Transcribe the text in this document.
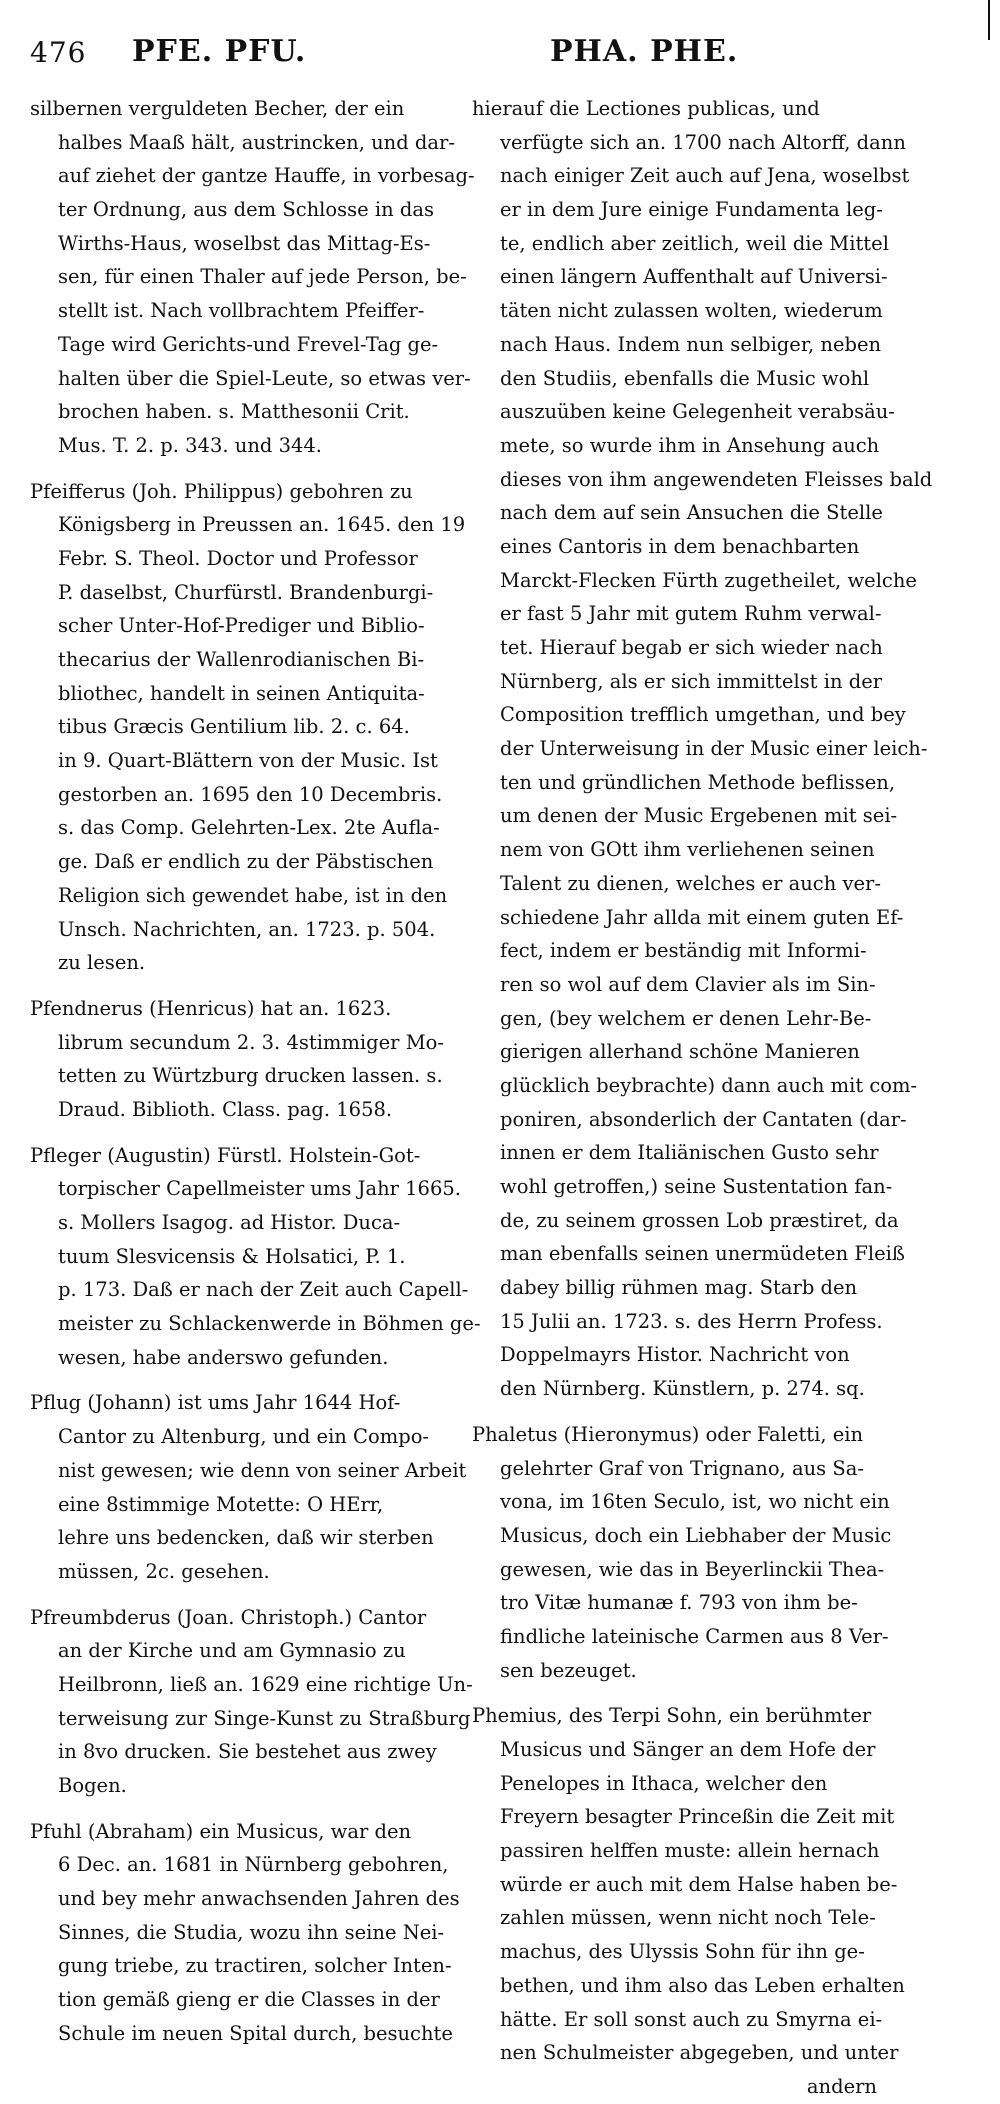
476 PFE. PFU.	PHA. PHE.
silbernen verguldeten Becher, der ein
halbes Maaß hält, austrincken, und dar-
auf ziehet der gantze Hauffe, in vorbesag-
ter Ordnung, aus dem Schlosse in das
Wirths-Haus, woselbst das Mittag-Es-
sen, für einen Thaler auf jede Person, be-
stellt ist. Nach vollbrachtem Pfeiffer-
Tage wird Gerichts-und Frevel-Tag ge-
halten über die Spiel-Leute, so etwas ver-
brochen haben. s. Matthesonii Crit.
Mus. T. 2. p. 343. und 344.
Pfeifferus (Joh. Philippus) gebohren zu
Königsberg in Preussen an. 1645. den 19
Febr. S. Theol. Doctor und Professor
P. daselbst, Churfürstl. Brandenburgi-
scher Unter-Hof-Prediger und Biblio-
thecarius der Wallenrodianischen Bi-
bliothec, handelt in seinen Antiquita-
tibus Græcis Gentilium lib. 2. c. 64.
in 9. Quart-Blättern von der Music. Ist
gestorben an. 1695 den 10 Decembris.
s. das Comp. Gelehrten-Lex. 2te Aufla-
ge. Daß er endlich zu der Päbstischen
Religion sich gewendet habe, ist in den
Unsch. Nachrichten, an. 1723. p. 504.
zu lesen.
Pfendnerus (Henricus) hat an. 1623.
librum secundum 2. 3. 4stimmiger Mo-
tetten zu Würtzburg drucken lassen. s.
Draud. Biblioth. Class. pag. 1658.
Pfleger (Augustin) Fürstl. Holstein-Got-
torpischer Capellmeister ums Jahr 1665.
s. Mollers Isagog. ad Histor. Duca-
tuum Slesvicensis & Holsatici, P. 1.
p. 173. Daß er nach der Zeit auch Capell-
meister zu Schlackenwerde in Böhmen ge-
wesen, habe anderswo gefunden.
Pflug (Johann) ist ums Jahr 1644 Hof-
Cantor zu Altenburg, und ein Compo-
nist gewesen; wie denn von seiner Arbeit
eine 8stimmige Motette: O HErr,
lehre uns bedencken, daß wir sterben
müssen, 2c. gesehen.
Pfreumbderus (Joan. Christoph.) Cantor
an der Kirche und am Gymnasio zu
Heilbronn, ließ an. 1629 eine richtige Un-
terweisung zur Singe-Kunst zu Straßburg
in 8vo drucken. Sie bestehet aus zwey
Bogen.
Pfuhl (Abraham) ein Musicus, war den
6 Dec. an. 1681 in Nürnberg gebohren,
und bey mehr anwachsenden Jahren des
Sinnes, die Studia, wozu ihn seine Nei-
gung triebe, zu tractiren, solcher Inten-
tion gemäß gieng er die Classes in der
Schule im neuen Spital durch, besuchte
hierauf die Lectiones publicas, und
verfügte sich an. 1700 nach Altorff, dann
nach einiger Zeit auch auf Jena, woselbst
er in dem Jure einige Fundamenta leg-
te, endlich aber zeitlich, weil die Mittel
einen längern Auffenthalt auf Universi-
täten nicht zulassen wolten, wiederum
nach Haus. Indem nun selbiger, neben
den Studiis, ebenfalls die Music wohl
auszuüben keine Gelegenheit verabsäu-
mete, so wurde ihm in Ansehung auch
dieses von ihm angewendeten Fleisses bald
nach dem auf sein Ansuchen die Stelle
eines Cantoris in dem benachbarten
Marckt-Flecken Fürth zugetheilet, welche
er fast 5 Jahr mit gutem Ruhm verwal-
tet. Hierauf begab er sich wieder nach
Nürnberg, als er sich immittelst in der
Composition trefflich umgethan, und bey
der Unterweisung in der Music einer leich-
ten und gründlichen Methode beflissen,
um denen der Music Ergebenen mit sei-
nem von GOtt ihm verliehenen seinen
Talent zu dienen, welches er auch ver-
schiedene Jahr allda mit einem guten Ef-
fect, indem er beständig mit Informi-
ren so wol auf dem Clavier als im Sin-
gen, (bey welchem er denen Lehr-Be-
gierigen allerhand schöne Manieren
glücklich beybrachte) dann auch mit com-
poniren, absonderlich der Cantaten (dar-
innen er dem Italiänischen Gusto sehr
wohl getroffen,) seine Sustentation fan-
de, zu seinem grossen Lob præstiret, da
man ebenfalls seinen unermüdeten Fleiß
dabey billig rühmen mag. Starb den
15 Julii an. 1723. s. des Herrn Profess.
Doppelmayrs Histor. Nachricht von
den Nürnberg. Künstlern, p. 274. sq.
Phaletus (Hieronymus) oder Faletti, ein
gelehrter Graf von Trignano, aus Sa-
vona, im 16ten Seculo, ist, wo nicht ein
Musicus, doch ein Liebhaber der Music
gewesen, wie das in Beyerlinckii Thea-
tro Vitæ humanæ f. 793 von ihm be-
findliche lateinische Carmen aus 8 Ver-
sen bezeuget.
Phemius, des Terpi Sohn, ein berühmter
Musicus und Sänger an dem Hofe der
Penelopes in Ithaca, welcher den
Freyern besagter Princeßin die Zeit mit
passiren helffen muste: allein hernach
würde er auch mit dem Halse haben be-
zahlen müssen, wenn nicht noch Tele-
machus, des Ulyssis Sohn für ihn ge-
bethen, und ihm also das Leben erhalten
hätte. Er soll sonst auch zu Smyrna ei-
nen Schulmeister abgegeben, und unter
andern
